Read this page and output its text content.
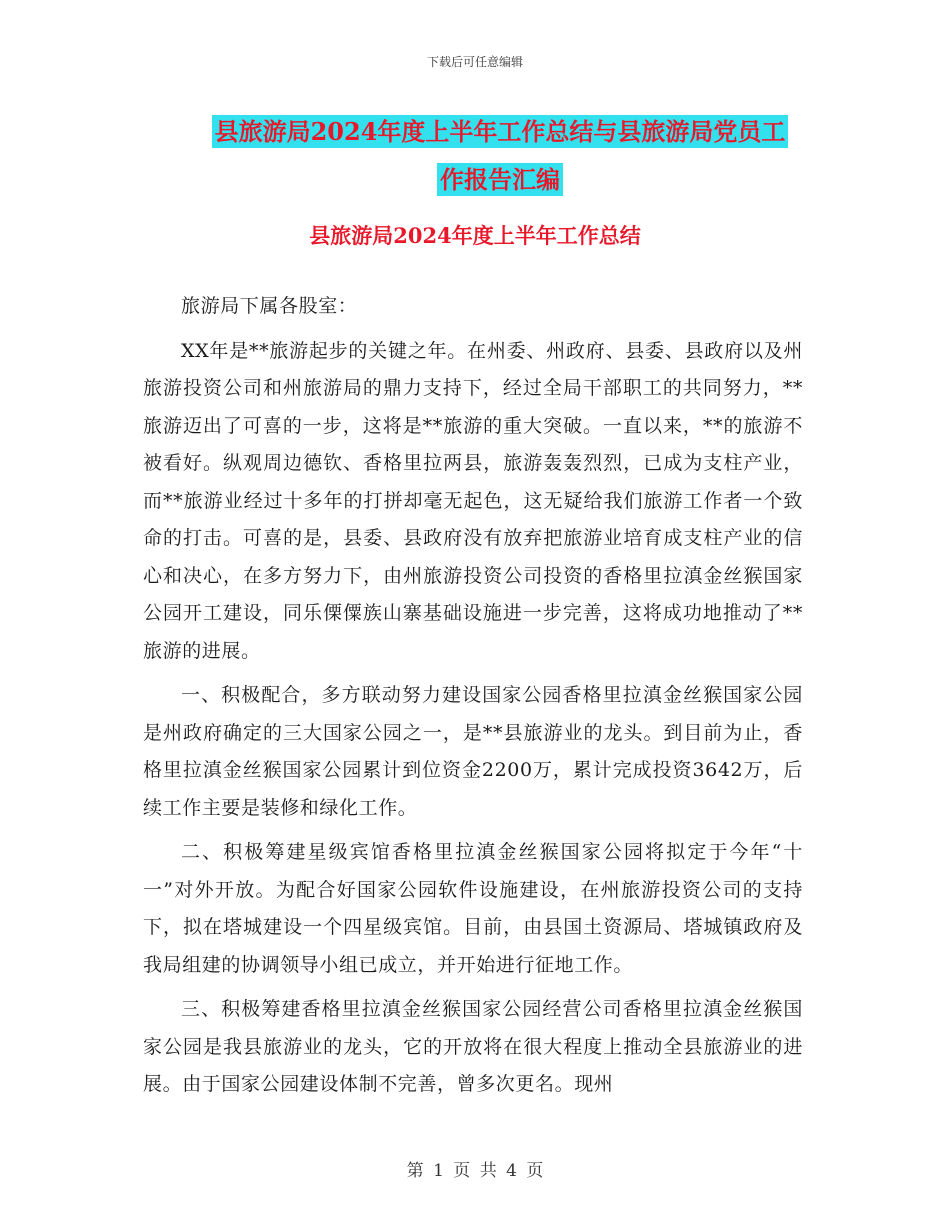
下载后可任意编辑
县旅游局2024年度上半年工作总结与县旅游局党员工
作报告汇编
县旅游局2024年度上半年工作总结

旅游局下属各股室：

XX年是**旅游起步的关键之年。在州委、州政府、县委、县政府以及州旅游投资公司和州旅游局的鼎力支持下，经过全局干部职工的共同努力，**旅游迈出了可喜的一步，这将是**旅游的重大突破。一直以来，**的旅游不被看好。纵观周边德钦、香格里拉两县，旅游轰轰烈烈，已成为支柱产业，而**旅游业经过十多年的打拼却毫无起色，这无疑给我们旅游工作者一个致命的打击。可喜的是，县委、县政府没有放弃把旅游业培育成支柱产业的信心和决心，在多方努力下，由州旅游投资公司投资的香格里拉滇金丝猴国家公园开工建设，同乐傈僳族山寨基础设施进一步完善，这将成功地推动了**旅游的进展。

一、积极配合，多方联动努力建设国家公园香格里拉滇金丝猴国家公园是州政府确定的三大国家公园之一，是**县旅游业的龙头。到目前为止，香格里拉滇金丝猴国家公园累计到位资金2200万，累计完成投资3642万，后续工作主要是装修和绿化工作。

二、积极筹建星级宾馆香格里拉滇金丝猴国家公园将拟定于今年“十一”对外开放。为配合好国家公园软件设施建设，在州旅游投资公司的支持下，拟在塔城建设一个四星级宾馆。目前，由县国土资源局、塔城镇政府及我局组建的协调领导小组已成立，并开始进行征地工作。

三、积极筹建香格里拉滇金丝猴国家公园经营公司香格里拉滇金丝猴国家公园是我县旅游业的龙头，它的开放将在很大程度上推动全县旅游业的进展。由于国家公园建设体制不完善，曾多次更名。现州

第 1 页 共 4 页
